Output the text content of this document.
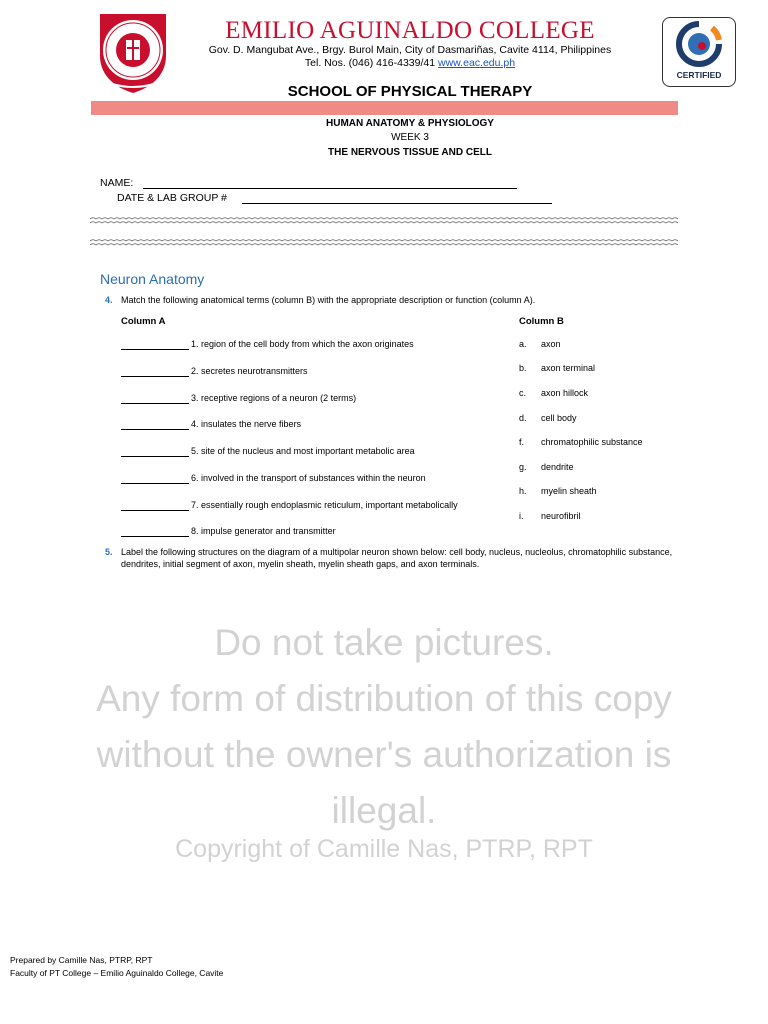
EMILIO AGUINALDO COLLEGE
Gov. D. Mangubat Ave., Brgy. Burol Main, City of Dasmariñas, Cavite 4114, Philippines
Tel. Nos. (046) 416-4339/41 www.eac.edu.ph
CERTIFIED
SCHOOL OF PHYSICAL THERAPY
HUMAN ANATOMY & PHYSIOLOGY
WEEK 3
THE NERVOUS TISSUE AND CELL
NAME:
DATE & LAB GROUP #
Neuron Anatomy
4. Match the following anatomical terms (column B) with the appropriate description or function (column A).
Column A	Column B
1. region of the cell body from which the axon originates
2. secretes neurotransmitters
3. receptive regions of a neuron (2 terms)
4. insulates the nerve fibers
5. site of the nucleus and most important metabolic area
6. involved in the transport of substances within the neuron
7. essentially rough endoplasmic reticulum, important metabolically
8. impulse generator and transmitter
a. axon
b. axon terminal
c. axon hillock
d. cell body
f. chromatophilic substance
g. dendrite
h. myelin sheath
i. neurofibril
5. Label the following structures on the diagram of a multipolar neuron shown below: cell body, nucleus, nucleolus, chromatophilic substance, dendrites, initial segment of axon, myelin sheath, myelin sheath gaps, and axon terminals.
Do not take pictures.
Any form of distribution of this copy
without the owner's authorization is
illegal.
Copyright of Camille Nas, PTRP, RPT
Prepared by Camille Nas, PTRP, RPT
Faculty of PT College – Emilio Aguinaldo College, Cavite
